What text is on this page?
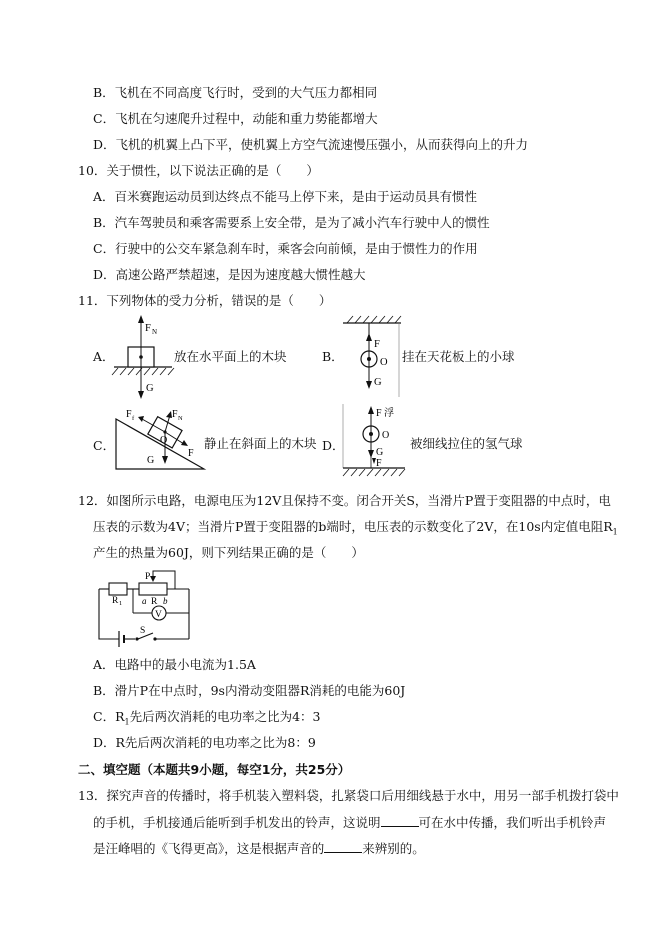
B．飞机在不同高度飞行时，受到的大气压力都相同
C．飞机在匀速爬升过程中，动能和重力势能都增大
D．飞机的机翼上凸下平，使机翼上方空气流速慢压强小，从而获得向上的升力
10．关于惯性，以下说法正确的是（　　）
A．百米赛跑运动员到达终点不能马上停下来，是由于运动员具有惯性
B．汽车驾驶员和乘客需要系上安全带，是为了减小汽车行驶中人的惯性
C．行驶中的公交车紧急刹车时，乘客会向前倾，是由于惯性力的作用
D．高速公路严禁超速，是因为速度越大惯性越大
11．下列物体的受力分析，错误的是（　　）
A．
F N
G
放在水平面上的木块	B．
F
O
G
挂在天花板上的小球
C．
F N
F f
O
F
G
静止在斜面上的木块 D．
F 浮
O
G
F
被细线拉住的氢气球
12．如图所示电路，电源电压为12V且保持不变。闭合开关S，当滑片P置于变阻器的中点时，电
压表的示数为4V；当滑片P置于变阻器的b端时，电压表的示数变化了2V，在10s内定值电阻$R_1$
产生的热量为60J，则下列结果正确的是（　　）
P
R 1 a R b
V
S
A．电路中的最小电流为1.5A
B．滑片P在中点时，9s内滑动变阻器R消耗的电能为60J
C．$R_1$先后两次消耗的电功率之比为4：3
D．R先后两次消耗的电功率之比为8：9
二、填空题（本题共9小题，每空1分，共25分）
13．探究声音的传播时，将手机装入塑料袋，扎紧袋口后用细线悬于水中，用另一部手机拨打袋中
的手机，手机接通后能听到手机发出的铃声，这说明	可在水中传播，我们听出手机铃声
是汪峰唱的《飞得更高》，这是根据声音的	来辨别的。
